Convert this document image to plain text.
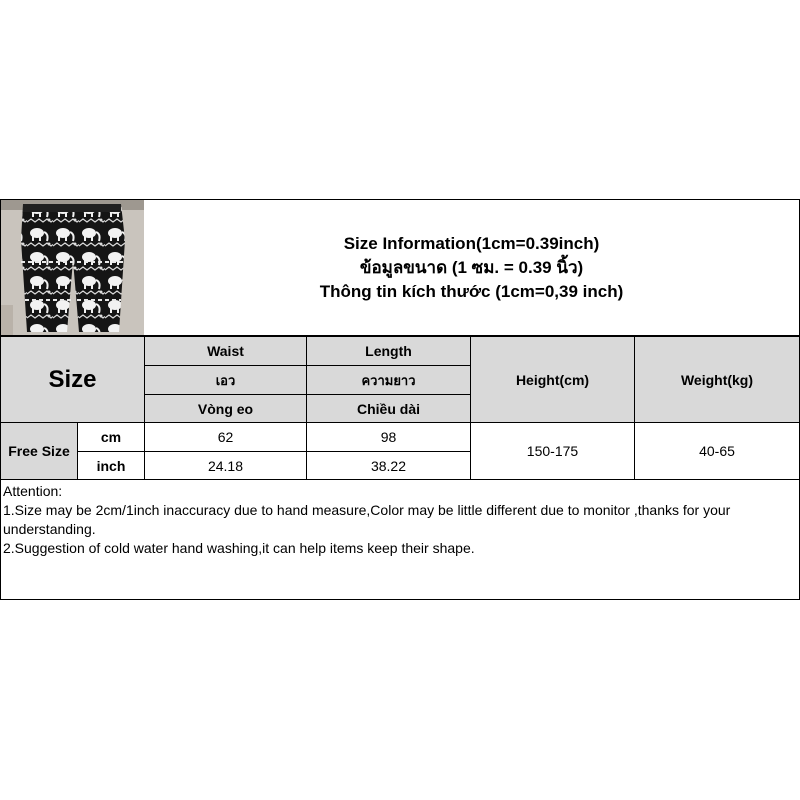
Size Information(1cm=0.39inch)
ข้อมูลขนาด (1 ซม. = 0.39 นิ้ว)
Thông tin kích thước (1cm=0,39 inch)
Size
Waist
เอว
Vòng eo
Length
ความยาว
Chiều dài
Height(cm)	Weight(kg)
Free Size
cm
inch
62
24.18
98
38.22
150-175	40-65
Attention:
1.Size may be 2cm/1inch inaccuracy due to hand measure,Color may be little different due to monitor ,thanks for your understanding.
2.Suggestion of cold water hand washing,it can help items keep their shape.
